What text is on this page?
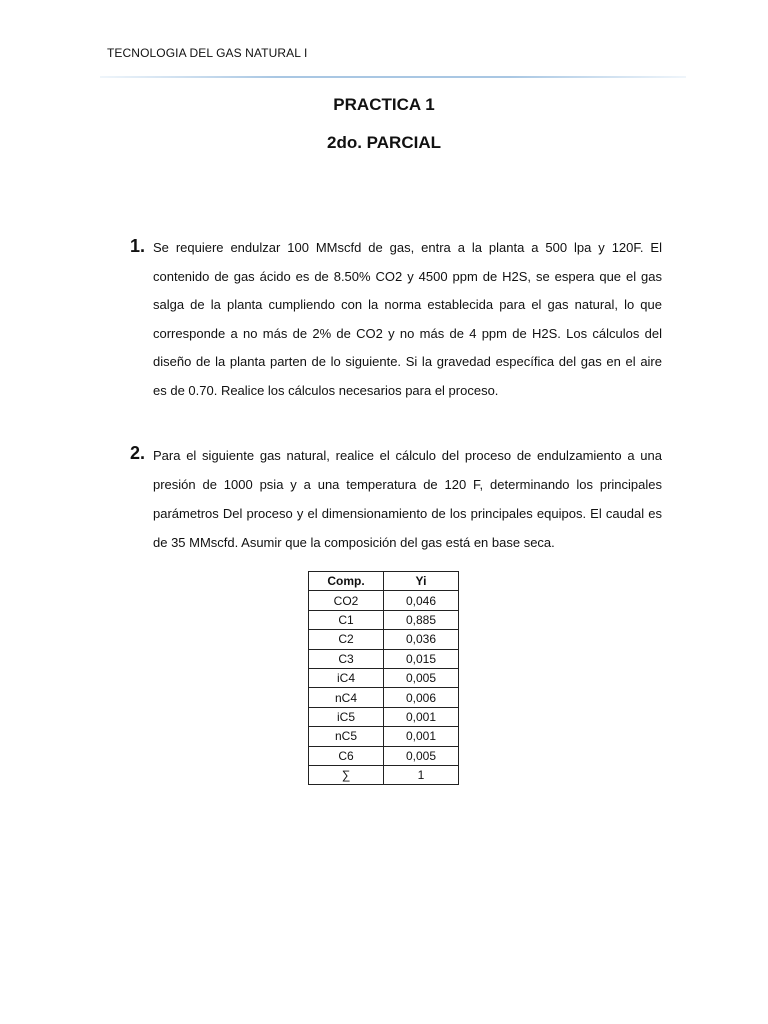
TECNOLOGIA DEL GAS NATURAL I
PRACTICA 1
2do. PARCIAL
1. Se requiere endulzar 100 MMscfd de gas, entra a la planta a 500 lpa y 120F. El contenido de gas ácido es de 8.50% CO2 y 4500 ppm de H2S, se espera que el gas salga de la planta cumpliendo con la norma establecida para el gas natural, lo que corresponde a no más de 2% de CO2 y no más de 4 ppm de H2S. Los cálculos del diseño de la planta parten de lo siguiente. Si la gravedad específica del gas en el aire es de 0.70. Realice los cálculos necesarios para el proceso.
2. Para el siguiente gas natural, realice el cálculo del proceso de endulzamiento a una presión de 1000 psia y a una temperatura de 120 F, determinando los principales parámetros Del proceso y el dimensionamiento de los principales equipos. El caudal es de 35 MMscfd. Asumir que la composición del gas está en base seca.
Comp.	Yi
CO2	0,046
C1	0,885
C2	0,036
C3	0,015
iC4	0,005
nC4	0,006
iC5	0,001
nC5	0,001
C6	0,005
∑	1
